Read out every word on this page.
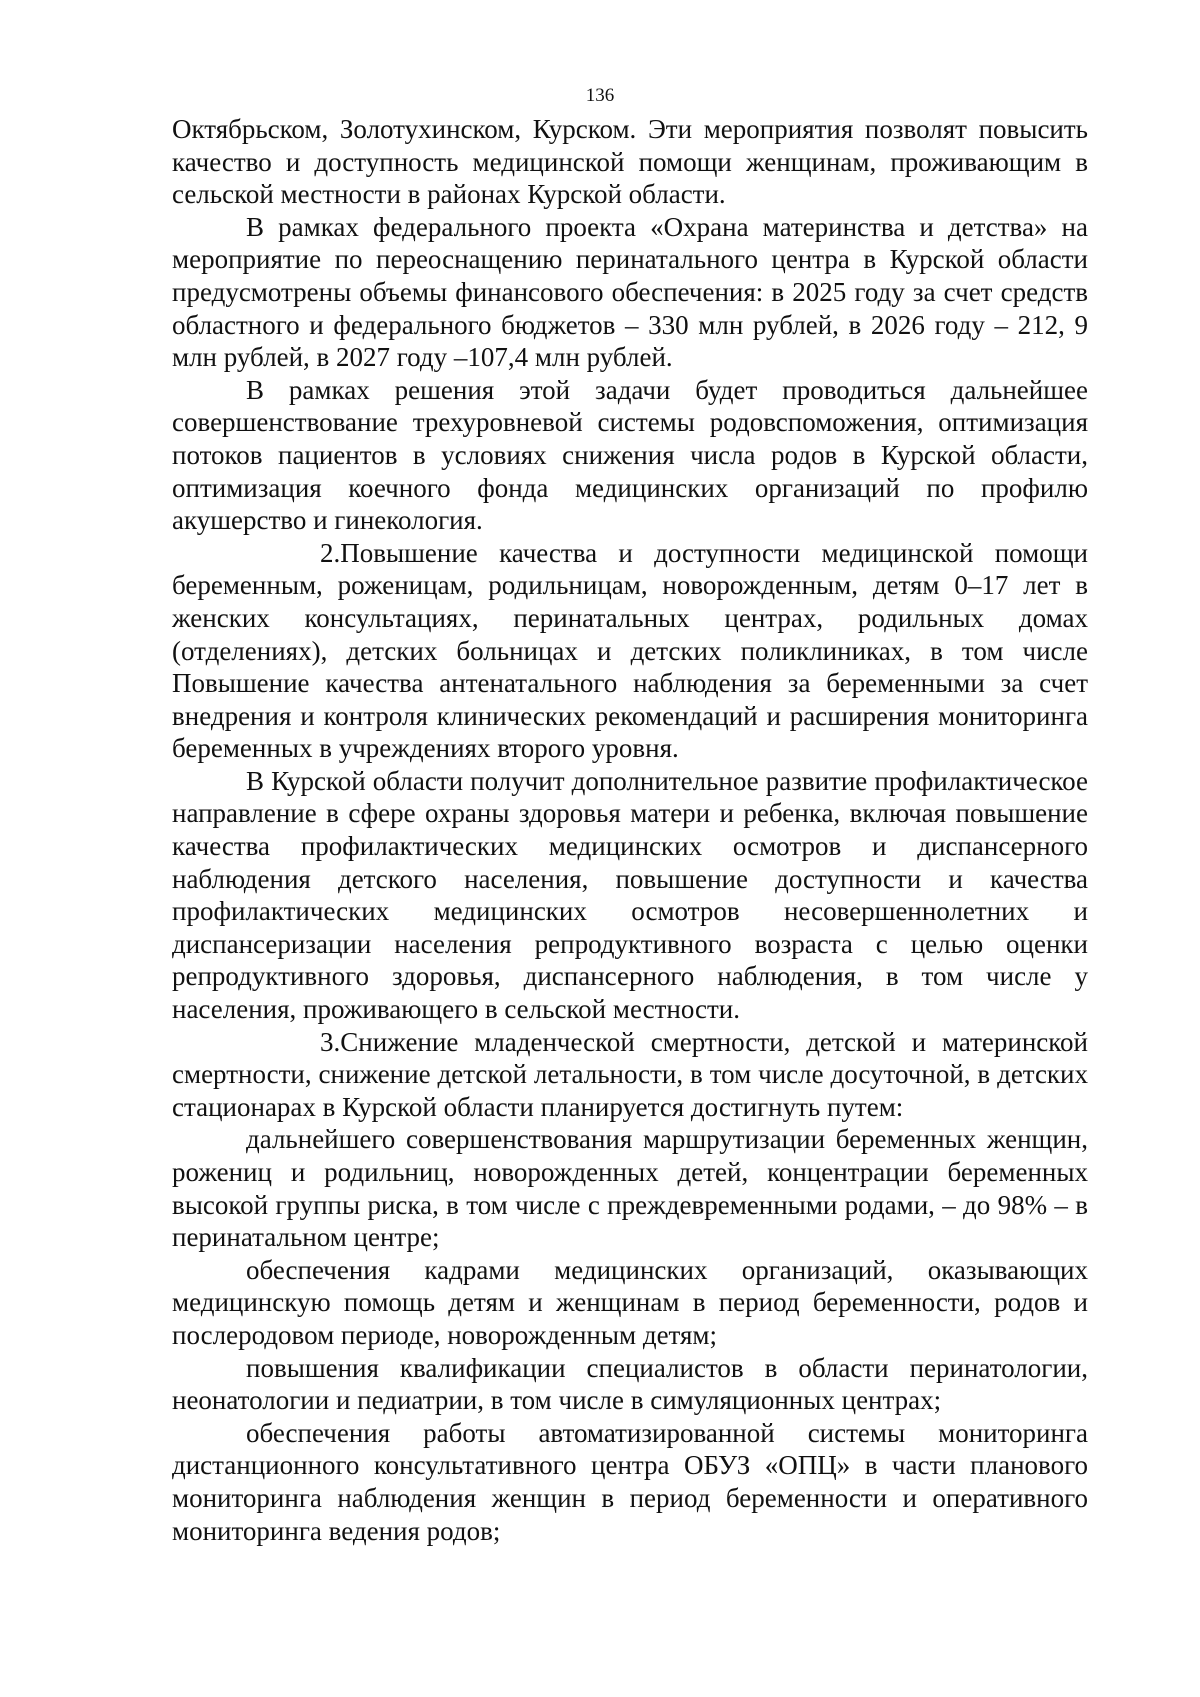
136

Октябрьском, Золотухинском, Курском. Эти мероприятия позволят повысить качество и доступность медицинской помощи женщинам, проживающим в сельской местности в районах Курской области.

В рамках федерального проекта «Охрана материнства и детства» на мероприятие по переоснащению перинатального центра в Курской области предусмотрены объемы финансового обеспечения: в 2025 году за счет средств областного и федерального бюджетов – 330 млн рублей, в 2026 году – 212, 9 млн рублей, в 2027 году –107,4 млн рублей.

В рамках решения этой задачи будет проводиться дальнейшее совершенствование трехуровневой системы родовспоможения, оптимизация потоков пациентов в условиях снижения числа родов в Курской области, оптимизация коечного фонда медицинских организаций по профилю акушерство и гинекология.

2.Повышение качества и доступности медицинской помощи беременным, роженицам, родильницам, новорожденным, детям 0–17 лет в женских консультациях, перинатальных центрах, родильных домах (отделениях), детских больницах и детских поликлиниках, в том числе Повышение качества антенатального наблюдения за беременными за счет внедрения и контроля клинических рекомендаций и расширения мониторинга беременных в учреждениях второго уровня.

В Курской области получит дополнительное развитие профилактическое направление в сфере охраны здоровья матери и ребенка, включая повышение качества профилактических медицинских осмотров и диспансерного наблюдения детского населения, повышение доступности и качества профилактических медицинских осмотров несовершеннолетних и диспансеризации населения репродуктивного возраста с целью оценки репродуктивного здоровья, диспансерного наблюдения, в том числе у населения, проживающего в сельской местности.

3.Снижение младенческой смертности, детской и материнской смертности, снижение детской летальности, в том числе досуточной, в детских стационарах в Курской области планируется достигнуть путем:

дальнейшего совершенствования маршрутизации беременных женщин, рожениц и родильниц, новорожденных детей, концентрации беременных высокой группы риска, в том числе с преждевременными родами, – до 98% – в перинатальном центре;

обеспечения кадрами медицинских организаций, оказывающих медицинскую помощь детям и женщинам в период беременности, родов и послеродовом периоде, новорожденным детям;

повышения квалификации специалистов в области перинатологии, неонатологии и педиатрии, в том числе в симуляционных центрах;

обеспечения работы автоматизированной системы мониторинга дистанционного консультативного центра ОБУЗ «ОПЦ» в части планового мониторинга наблюдения женщин в период беременности и оперативного мониторинга ведения родов;
